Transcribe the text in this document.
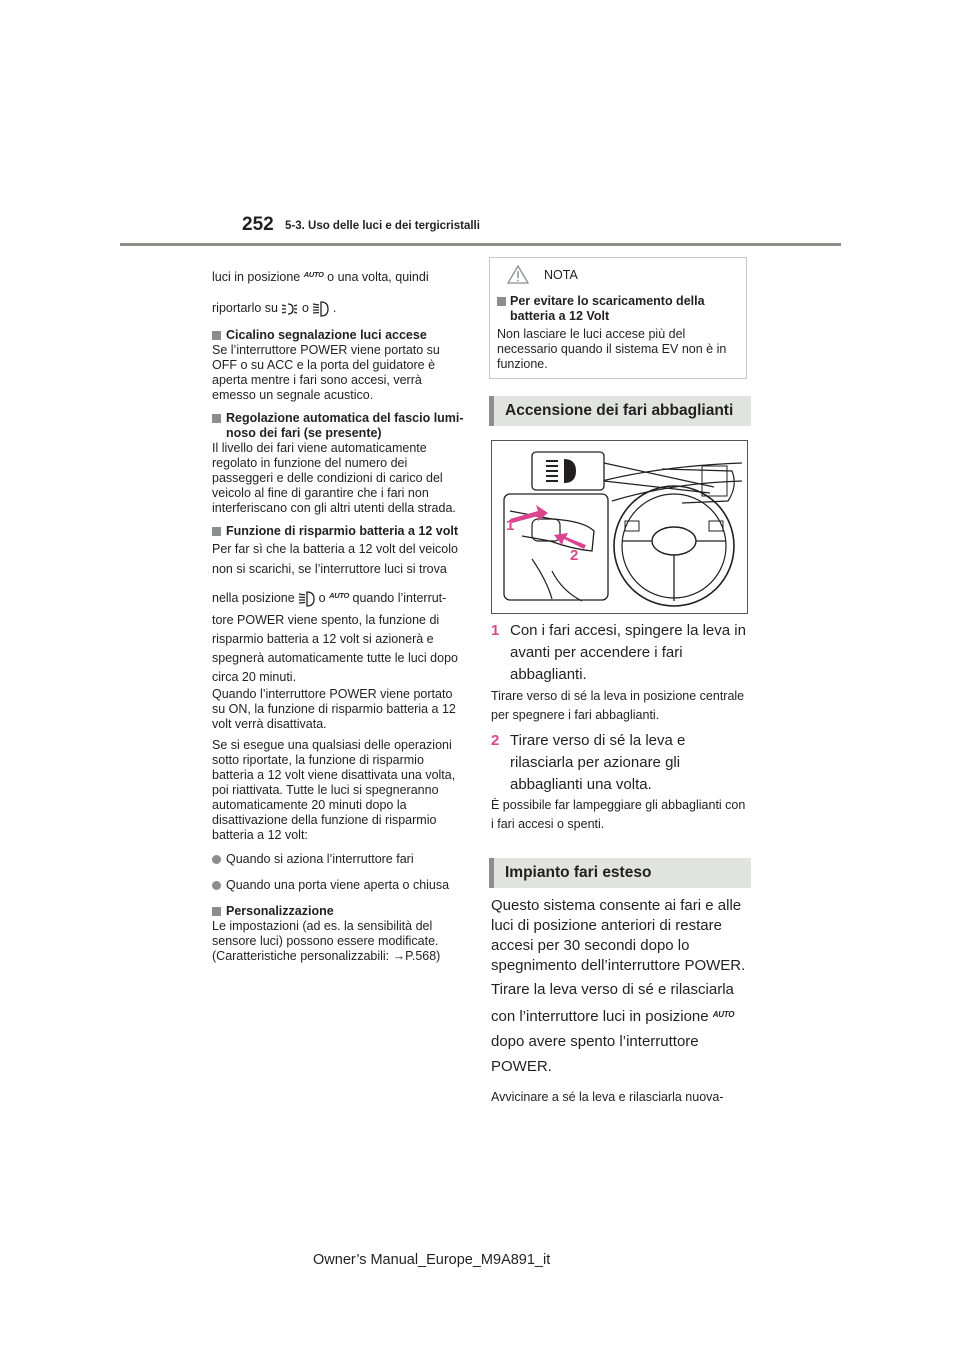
252 5-3. Uso delle luci e dei tergicristalli

luci in posizione $^{AUTO}$ o una volta, quindi

riportarlo su o .

Cicalino segnalazione luci accese

Se l’interruttore POWER viene portato su OFF o su ACC e la porta del guidatore è aperta mentre i fari sono accesi, verrà emesso un segnale acustico.

Regolazione automatica del fascio lumi-
noso dei fari (se presente)

Il livello dei fari viene automaticamente regolato in funzione del numero dei passeggeri e delle condizioni di carico del veicolo al fine di garantire che i fari non interferiscano con gli altri utenti della strada.

Funzione di risparmio batteria a 12 volt

Per far sì che la batteria a 12 volt del veicolo non si scarichi, se l’interruttore luci si trova

nella posizione o $^{AUTO}$ quando l’interrut-

tore POWER viene spento, la funzione di risparmio batteria a 12 volt si azionerà e spegnerà automaticamente tutte le luci dopo circa 20 minuti.

Quando l’interruttore POWER viene portato su ON, la funzione di risparmio batteria a 12 volt verrà disattivata.

Se si esegue una qualsiasi delle operazioni sotto riportate, la funzione di risparmio batteria a 12 volt viene disattivata una volta, poi riattivata. Tutte le luci si spegneranno automaticamente 20 minuti dopo la disattivazione della funzione di risparmio batteria a 12 volt:

Quando si aziona l’interruttore fari

Quando una porta viene aperta o chiusa

Personalizzazione

Le impostazioni (ad es. la sensibilità del sensore luci) possono essere modificate. (Caratteristiche personalizzabili: →P.568)

NOTA
Per evitare lo scaricamento della batteria a 12 Volt
Non lasciare le luci accese più del necessario quando il sistema EV non è in funzione.
Accensione dei fari abbaglianti
1
2
1 Con i fari accesi, spingere la leva in avanti per accendere i fari abbaglianti.
Tirare verso di sé la leva in posizione centrale per spegnere i fari abbaglianti.
2 Tirare verso di sé la leva e rilasciarla per azionare gli abbaglianti una volta.
È possibile far lampeggiare gli abbaglianti con i fari accesi o spenti.
Impianto fari esteso
Questo sistema consente ai fari e alle luci di posizione anteriori di restare accesi per 30 secondi dopo lo spegnimento dell’interruttore POWER.
Tirare la leva verso di sé e rilasciarla con l’interruttore luci in posizione $^{AUTO}$ dopo avere spento l’interruttore POWER.
Avvicinare a sé la leva e rilasciarla nuova-
Owner’s Manual_Europe_M9A891_it
